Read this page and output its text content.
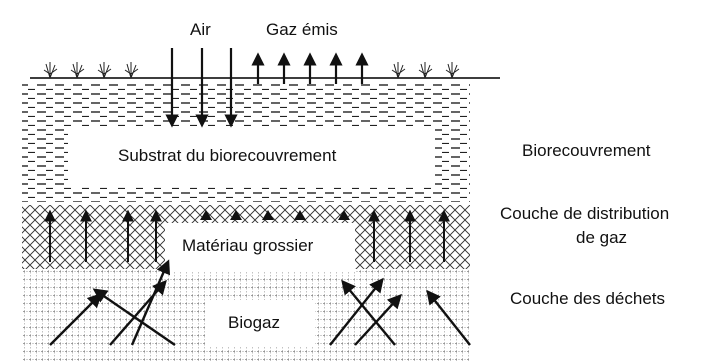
Air	Gaz émis
Substrat du biorecouvrement
Matériau grossier
Biogaz
Biorecouvrement
Couche de distribution
de gaz
Couche des déchets
